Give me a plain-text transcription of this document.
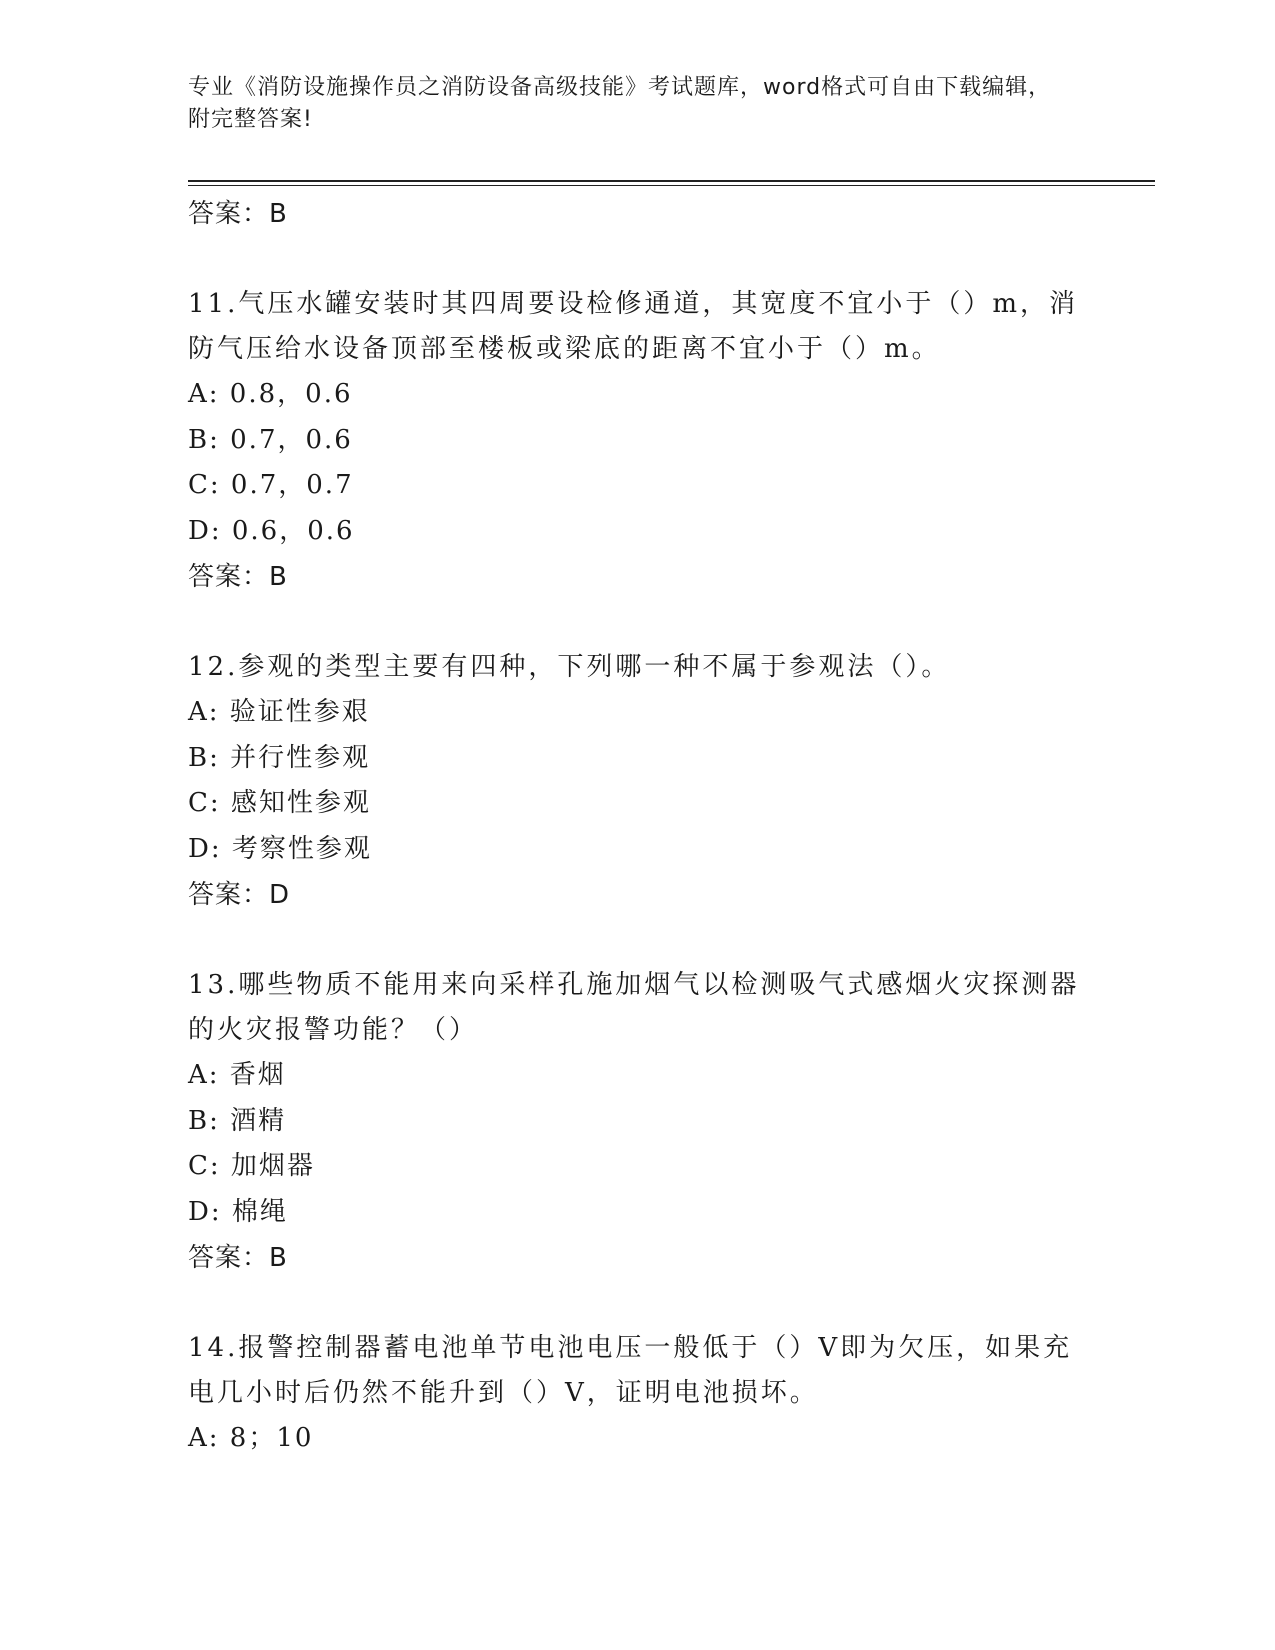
专业《消防设施操作员之消防设备高级技能》考试题库，word格式可自由下载编辑，附完整答案!
答案：B

11.气压水罐安装时其四周要设检修通道，其宽度不宜小于（）m，消防气压给水设备顶部至楼板或梁底的距离不宜小于（）m。

A: 0.8，0.6
B: 0.7，0.6
C: 0.7，0.7
D: 0.6，0.6
答案：B

12.参观的类型主要有四种，下列哪一种不属于参观法（）。

A: 验证性参艰
B: 并行性参观
C: 感知性参观
D: 考察性参观
答案：D

13.哪些物质不能用来向采样孔施加烟气以检测吸气式感烟火灾探测器的火灾报警功能？（）

A: 香烟
B: 酒精
C: 加烟器
D: 棉绳
答案：B

14.报警控制器蓄电池单节电池电压一般低于（）V即为欠压，如果充电几小时后仍然不能升到（）V，证明电池损坏。

A: 8；10
